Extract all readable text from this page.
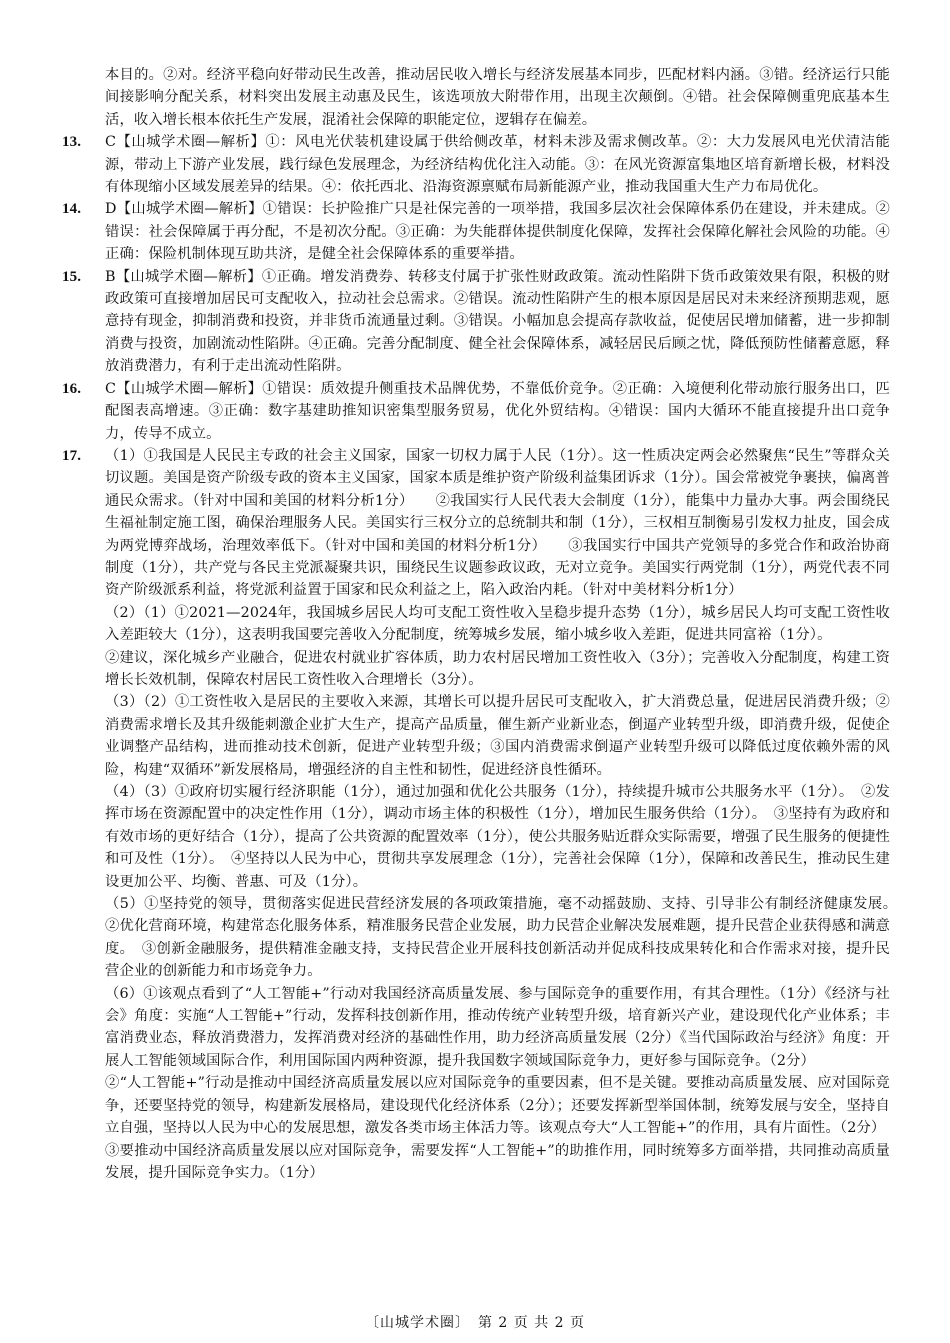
本目的。②对。经济平稳向好带动民生改善，推动居民收入增长与经济发展基本同步，匹配材料内涵。③错。经济运行只能间接影响分配关系，材料突出发展主动惠及民生，该选项放大附带作用，出现主次颠倒。④错。社会保障侧重兜底基本生活，收入增长根本依托生产发展，混淆社会保障的职能定位，逻辑存在偏差。
13. C【山城学术圈—解析】①：风电光伏装机建设属于供给侧改革，材料未涉及需求侧改革。②：大力发展风电光伏清洁能源，带动上下游产业发展，践行绿色发展理念，为经济结构优化注入动能。③：在风光资源富集地区培育新增长极，材料没有体现缩小区域发展差异的结果。④：依托西北、沿海资源禀赋布局新能源产业，推动我国重大生产力布局优化。
14. D【山城学术圈—解析】①错误：长护险推广只是社保完善的一项举措，我国多层次社会保障体系仍在建设，并未建成。②错误：社会保障属于再分配，不是初次分配。③正确：为失能群体提供制度化保障，发挥社会保障化解社会风险的功能。④正确：保险机制体现互助共济，是健全社会保障体系的重要举措。
15. B【山城学术圈—解析】①正确。增发消费券、转移支付属于扩张性财政政策。流动性陷阱下货币政策效果有限，积极的财政政策可直接增加居民可支配收入，拉动社会总需求。②错误。流动性陷阱产生的根本原因是居民对未来经济预期悲观，愿意持有现金，抑制消费和投资，并非货币流通量过剩。③错误。小幅加息会提高存款收益，促使居民增加储蓄，进一步抑制消费与投资，加剧流动性陷阱。④正确。完善分配制度、健全社会保障体系，减轻居民后顾之忧，降低预防性储蓄意愿，释放消费潜力，有利于走出流动性陷阱。
16. C【山城学术圈—解析】①错误：质效提升侧重技术品牌优势，不靠低价竞争。②正确：入境便利化带动旅行服务出口，匹配图表高增速。③正确：数字基建助推知识密集型服务贸易，优化外贸结构。④错误：国内大循环不能直接提升出口竞争力，传导不成立。
17. （1）①我国是人民民主专政的社会主义国家，国家一切权力属于人民（1分）。这一性质决定两会必然聚焦“民生”等群众关切议题。美国是资产阶级专政的资本主义国家，国家本质是维护资产阶级利益集团诉求（1分）。国会常被党争裹挟，偏离普通民众需求。（针对中国和美国的材料分析1分）　　②我国实行人民代表大会制度（1分），能集中力量办大事。两会围绕民生福祉制定施工图，确保治理服务人民。美国实行三权分立的总统制共和制（1分），三权相互制衡易引发权力扯皮，国会成为两党博弈战场，治理效率低下。（针对中国和美国的材料分析1分）　　③我国实行中国共产党领导的多党合作和政治协商制度（1分），共产党与各民主党派凝聚共识，围绕民生议题参政议政，无对立竞争。美国实行两党制（1分），两党代表不同资产阶级派系利益，将党派利益置于国家和民众利益之上，陷入政治内耗。（针对中美材料分析1分）
（2）（1）①2021—2024年，我国城乡居民人均可支配工资性收入呈稳步提升态势（1分），城乡居民人均可支配工资性收入差距较大（1分），这表明我国要完善收入分配制度，统筹城乡发展，缩小城乡收入差距，促进共同富裕（1分）。
②建议，深化城乡产业融合，促进农村就业扩容体质，助力农村居民增加工资性收入（3分）；完善收入分配制度，构建工资增长长效机制，保障农村居民工资性收入合理增长（3分）。
（3）（2）①工资性收入是居民的主要收入来源，其增长可以提升居民可支配收入，扩大消费总量，促进居民消费升级；②消费需求增长及其升级能刺激企业扩大生产，提高产品质量，催生新产业新业态，倒逼产业转型升级，即消费升级，促使企业调整产品结构，进而推动技术创新，促进产业转型升级；③国内消费需求倒逼产业转型升级可以降低过度依赖外需的风险，构建“双循环”新发展格局，增强经济的自主性和韧性，促进经济良性循环。
（4）（3）①政府切实履行经济职能（1分），通过加强和优化公共服务（1分），持续提升城市公共服务水平（1分）。　②发挥市场在资源配置中的决定性作用（1分），调动市场主体的积极性（1分），增加民生服务供给（1分）。　③坚持有为政府和有效市场的更好结合（1分），提高了公共资源的配置效率（1分），使公共服务贴近群众实际需要，增强了民生服务的便捷性和可及性（1分）。　④坚持以人民为中心，贯彻共享发展理念（1分），完善社会保障（1分），保障和改善民生，推动民生建设更加公平、均衡、普惠、可及（1分）。
（5）①坚持党的领导，贯彻落实促进民营经济发展的各项政策措施，毫不动摇鼓励、支持、引导非公有制经济健康发展。　②优化营商环境，构建常态化服务体系，精准服务民营企业发展，助力民营企业解决发展难题，提升民营企业获得感和满意度。　③创新金融服务，提供精准金融支持，支持民营企业开展科技创新活动并促成科技成果转化和合作需求对接，提升民营企业的创新能力和市场竞争力。
（6）①该观点看到了“人工智能+”行动对我国经济高质量发展、参与国际竞争的重要作用，有其合理性。（1分）《经济与社会》角度：实施“人工智能+”行动，发挥科技创新作用，推动传统产业转型升级，培育新兴产业，建设现代化产业体系；丰富消费业态，释放消费潜力，发挥消费对经济的基础性作用，助力经济高质量发展（2分）《当代国际政治与经济》角度：开展人工智能领域国际合作，利用国际国内两种资源，提升我国数字领域国际竞争力，更好参与国际竞争。（2分）
②“人工智能+”行动是推动中国经济高质量发展以应对国际竞争的重要因素，但不是关键。要推动高质量发展、应对国际竞争，还要坚持党的领导，构建新发展格局，建设现代化经济体系（2分）；还要发挥新型举国体制，统筹发展与安全，坚持自立自强，坚持以人民为中心的发展思想，激发各类市场主体活力等。该观点夸大“人工智能+”的作用，具有片面性。（2分）
③要推动中国经济高质量发展以应对国际竞争，需要发挥“人工智能+”的助推作用，同时统筹多方面举措，共同推动高质量发展，提升国际竞争实力。（1分）
〔山城学术圈〕　第 2 页 共 2 页
